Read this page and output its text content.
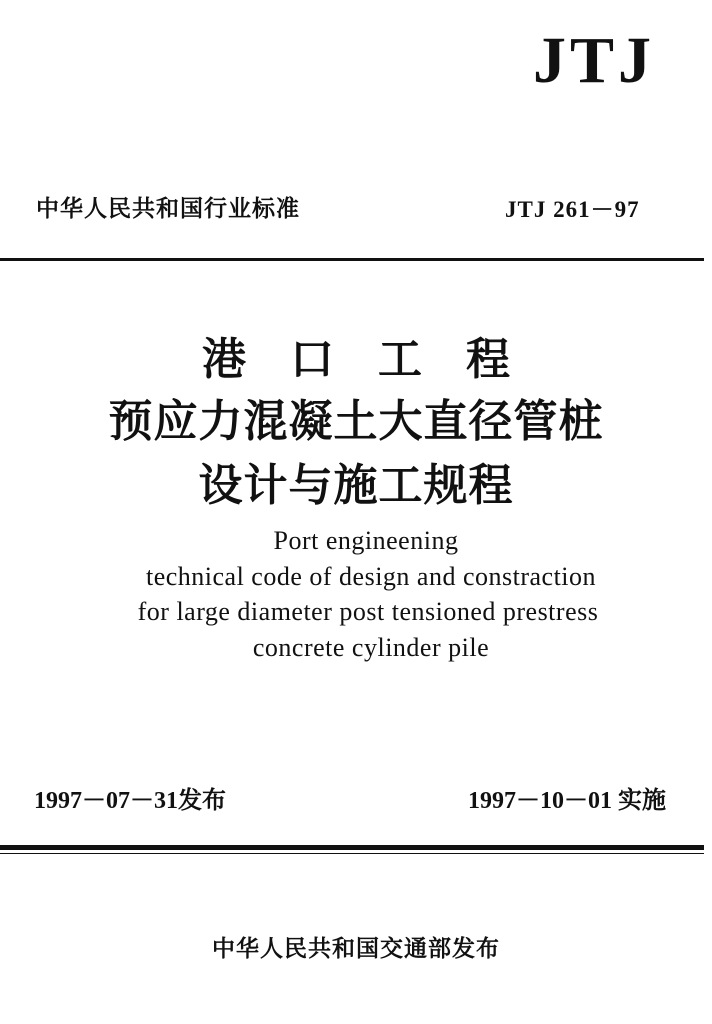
JTJ
中华人民共和国行业标准	JTJ 261－97
港口工程
预应力混凝土大直径管桩
设计与施工规程
Port engineening
technical code of design and constraction
for large diameter post tensioned prestress
concrete cylinder pile
1997－07－31发布	1997－10－01 实施
中华人民共和国交通部发布
